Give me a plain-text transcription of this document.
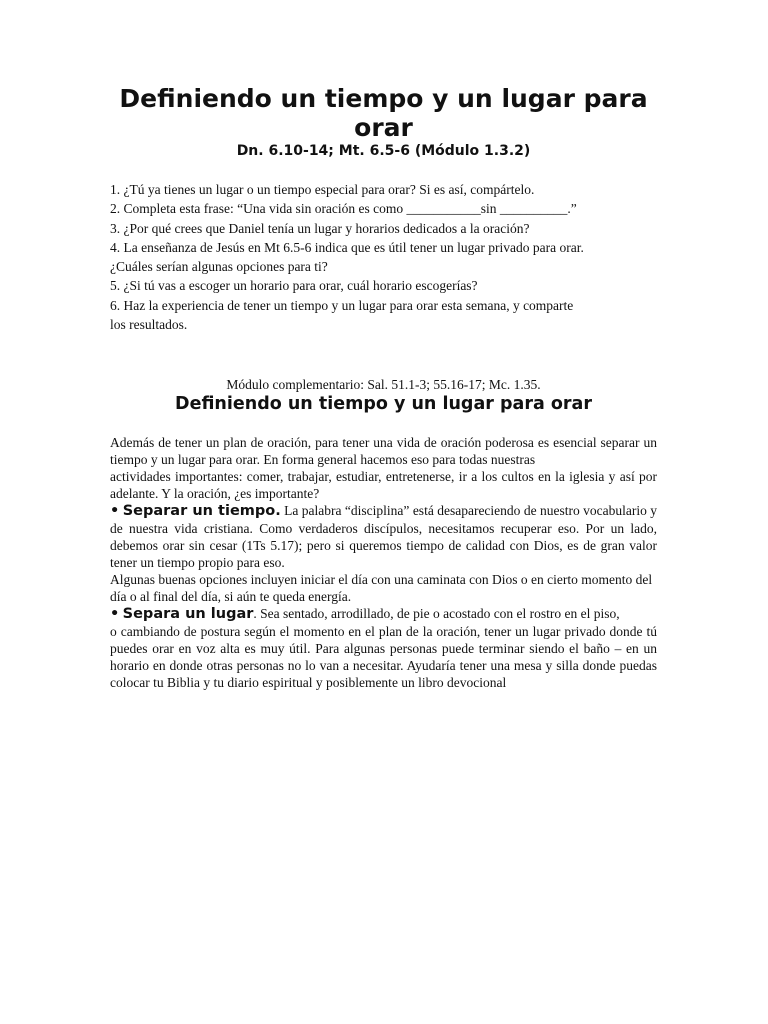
Definiendo un tiempo y un lugar para orar

Dn. 6.10-14; Mt. 6.5-6 (Módulo 1.3.2)

1. ¿Tú ya tienes un lugar o un tiempo especial para orar? Si es así, compártelo.

2. Completa esta frase: “Una vida sin oración es como ___________sin __________.”

3. ¿Por qué crees que Daniel tenía un lugar y horarios dedicados a la oración?

4. La enseñanza de Jesús en Mt 6.5-6 indica que es útil tener un lugar privado para orar.

¿Cuáles serían algunas opciones para ti?

5. ¿Si tú vas a escoger un horario para orar, cuál horario escogerías?

6. Haz la experiencia de tener un tiempo y un lugar para orar esta semana, y comparte

los resultados.

Módulo complementario: Sal. 51.1-3; 55.16-17; Mc. 1.35.

Definiendo un tiempo y un lugar para orar

Además de tener un plan de oración, para tener una vida de oración poderosa es esencial separar un tiempo y un lugar para orar. En forma general hacemos eso para todas nuestras

actividades importantes: comer, trabajar, estudiar, entretenerse, ir a los cultos en la iglesia y así por adelante. Y la oración, ¿es importante?

• Separar un tiempo. La palabra “disciplina” está desapareciendo de nuestro vocabulario y de nuestra vida cristiana. Como verdaderos discípulos, necesitamos recuperar eso. Por un lado, debemos orar sin cesar (1Ts 5.17); pero si queremos tiempo de calidad con Dios, es de gran valor tener un tiempo propio para eso.

Algunas buenas opciones incluyen iniciar el día con una caminata con Dios o en cierto momento del día o al final del día, si aún te queda energía.

• Separa un lugar. Sea sentado, arrodillado, de pie o acostado con el rostro en el piso,

o cambiando de postura según el momento en el plan de la oración, tener un lugar privado donde tú puedes orar en voz alta es muy útil. Para algunas personas puede terminar siendo el baño – en un horario en donde otras personas no lo van a necesitar. Ayudaría tener una mesa y silla donde puedas colocar tu Biblia y tu diario espiritual y posiblemente un libro devocional
